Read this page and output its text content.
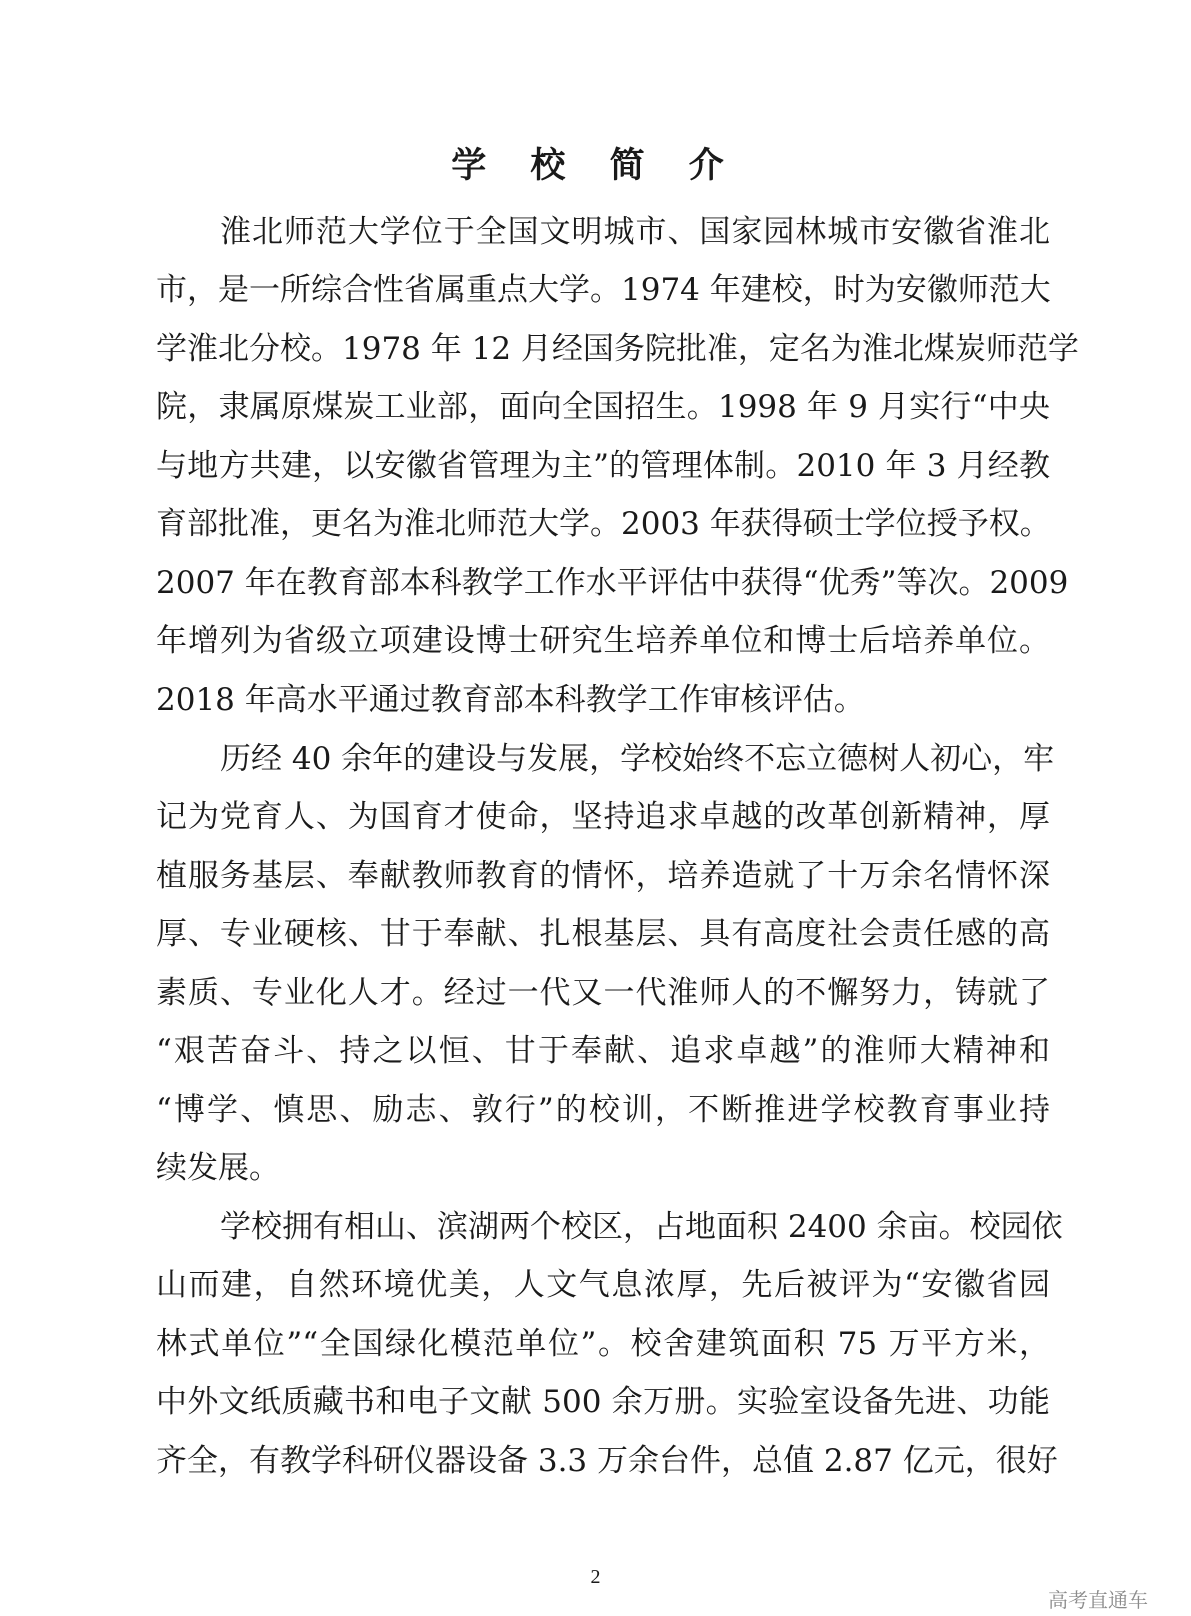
学 校 简 介

淮北师范大学位于全国文明城市、国家园林城市安徽省淮北

市，是一所综合性省属重点大学。1974 年建校，时为安徽师范大

学淮北分校。1978 年 12 月经国务院批准，定名为淮北煤炭师范学

院，隶属原煤炭工业部，面向全国招生。1998 年 9 月实行“中央

与地方共建，以安徽省管理为主”的管理体制。2010 年 3 月经教

育部批准，更名为淮北师范大学。2003 年获得硕士学位授予权。

2007 年在教育部本科教学工作水平评估中获得“优秀”等次。2009

年增列为省级立项建设博士研究生培养单位和博士后培养单位。

2018 年高水平通过教育部本科教学工作审核评估。

历经 40 余年的建设与发展，学校始终不忘立德树人初心，牢

记为党育人、为国育才使命，坚持追求卓越的改革创新精神，厚

植服务基层、奉献教师教育的情怀，培养造就了十万余名情怀深

厚、专业硬核、甘于奉献、扎根基层、具有高度社会责任感的高

素质、专业化人才。经过一代又一代淮师人的不懈努力，铸就了

“艰苦奋斗、持之以恒、甘于奉献、追求卓越”的淮师大精神和

“博学、慎思、励志、敦行”的校训，不断推进学校教育事业持

续发展。

学校拥有相山、滨湖两个校区，占地面积 2400 余亩。校园依

山而建，自然环境优美，人文气息浓厚，先后被评为“安徽省园

林式单位”“全国绿化模范单位”。校舍建筑面积 75 万平方米，

中外文纸质藏书和电子文献 500 余万册。实验室设备先进、功能

齐全，有教学科研仪器设备 3.3 万余台件，总值 2.87 亿元，很好

2

高考直通车
